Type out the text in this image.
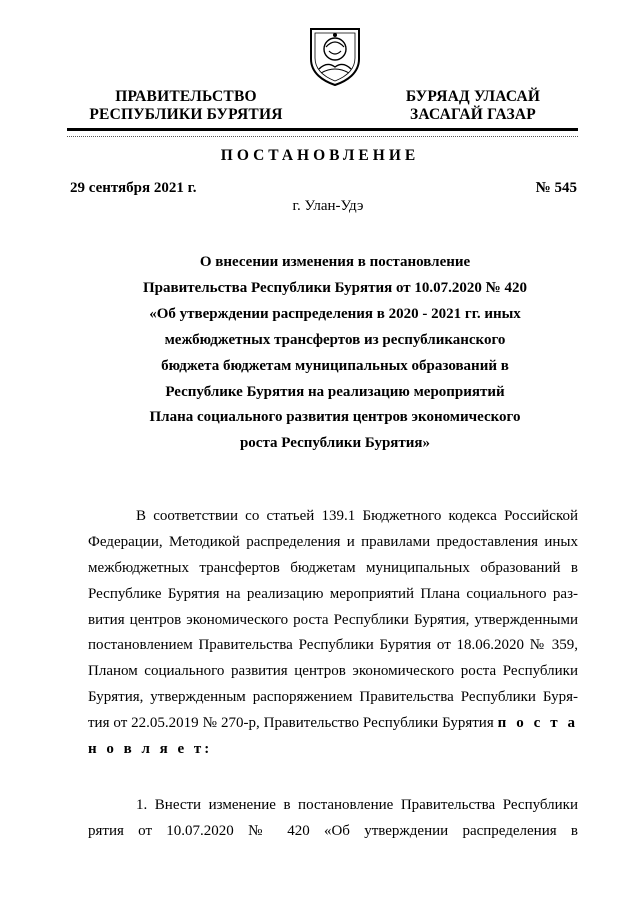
ПРАВИТЕЛЬСТВО
РЕСПУБЛИКИ БУРЯТИЯ
БУРЯАД УЛАСАЙ
ЗАСАГАЙ ГАЗАР
ПОСТАНОВЛЕНИЕ
29 сентября 2021 г.	№ 545
г. Улан-Удэ
О внесении изменения в постановление
Правительства Республики Бурятия от 10.07.2020 № 420
«Об утверждении распределения в 2020 - 2021 гг. иных
межбюджетных трансфертов из республиканского
бюджета бюджетам муниципальных образований в
Республике Бурятия на реализацию мероприятий
Плана социального развития центров экономического
роста Республики Бурятия»
В соответствии со статьей 139.1 Бюджетного кодекса Российской
Федерации, Методикой распределения и правилами предоставления иных
межбюджетных трансфертов бюджетам муниципальных образований в
Республике Бурятия на реализацию мероприятий Плана социального раз-
вития центров экономического роста Республики Бурятия, утвержденными
постановлением Правительства Республики Бурятия от 18.06.2020 № 359,
Планом социального развития центров экономического роста Республики
Бурятия, утвержденным распоряжением Правительства Республики Буря-
тия от 22.05.2019 № 270-р, Правительство Республики Бурятия п о с т а
н о в л я е т:
1. Внести изменение в постановление Правительства Республики
рятия от 10.07.2020 № 420 «Об утверждении распределения в
